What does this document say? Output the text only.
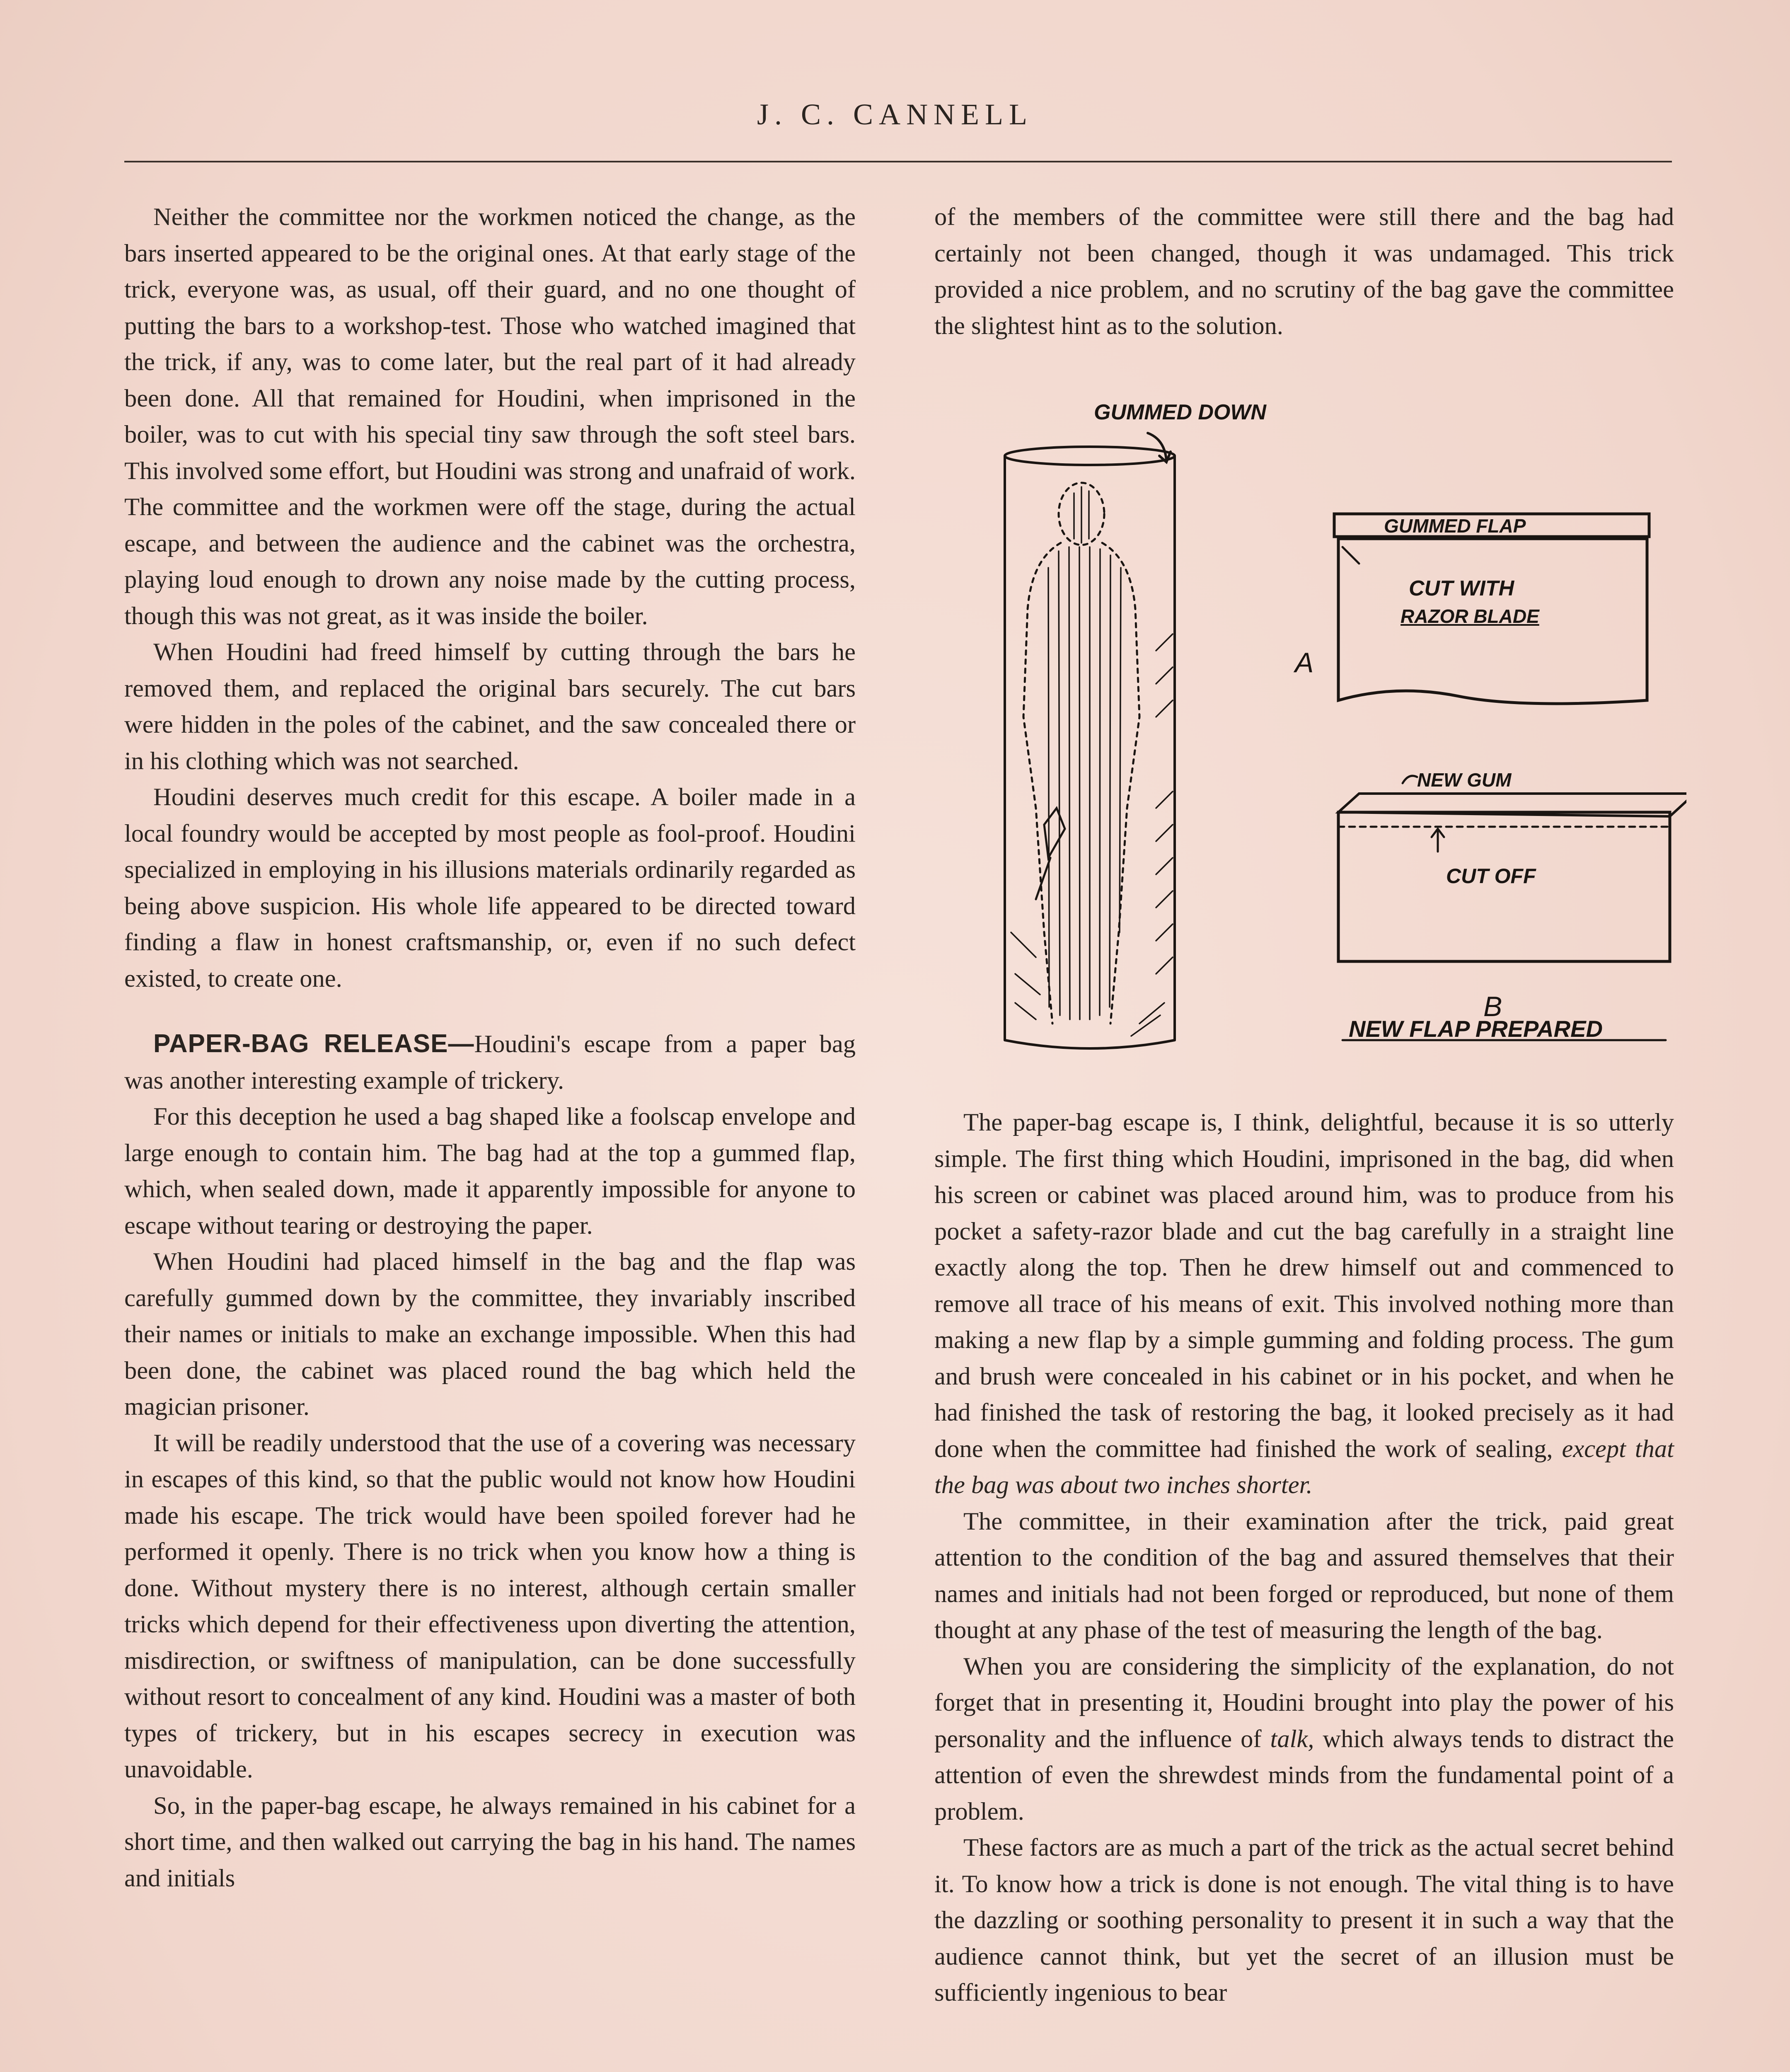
J. C. CANNELL

Neither the committee nor the workmen noticed the change, as the bars inserted appeared to be the original ones. At that early stage of the trick, everyone was, as usual, off their guard, and no one thought of putting the bars to a workshop-test. Those who watched imagined that the trick, if any, was to come later, but the real part of it had already been done. All that remained for Houdini, when imprisoned in the boiler, was to cut with his special tiny saw through the soft steel bars. This involved some effort, but Houdini was strong and unafraid of work. The committee and the workmen were off the stage, during the actual escape, and between the audience and the cabinet was the orchestra, playing loud enough to drown any noise made by the cutting process, though this was not great, as it was inside the boiler.

When Houdini had freed himself by cutting through the bars he removed them, and replaced the original bars securely. The cut bars were hidden in the poles of the cabinet, and the saw concealed there or in his clothing which was not searched.

Houdini deserves much credit for this escape. A boiler made in a local foundry would be accepted by most people as fool-proof. Houdini specialized in employing in his illusions materials ordinarily regarded as being above suspicion. His whole life appeared to be directed toward finding a flaw in honest craftsmanship, or, even if no such defect existed, to create one.

PAPER-BAG RELEASE—Houdini's escape from a paper bag was another interesting example of trickery.

For this deception he used a bag shaped like a foolscap envelope and large enough to contain him. The bag had at the top a gummed flap, which, when sealed down, made it apparently impossible for anyone to escape without tearing or destroying the paper.

When Houdini had placed himself in the bag and the flap was carefully gummed down by the committee, they invariably inscribed their names or initials to make an exchange impossible. When this had been done, the cabinet was placed round the bag which held the magician prisoner.

It will be readily understood that the use of a covering was necessary in escapes of this kind, so that the public would not know how Houdini made his escape. The trick would have been spoiled forever had he performed it openly. There is no trick when you know how a thing is done. Without mystery there is no interest, although certain smaller tricks which depend for their effectiveness upon diverting the attention, misdirection, or swiftness of manipulation, can be done successfully without resort to concealment of any kind. Houdini was a master of both types of trickery, but in his escapes secrecy in execution was unavoidable.

So, in the paper-bag escape, he always remained in his cabinet for a short time, and then walked out carrying the bag in his hand. The names and initials

of the members of the committee were still there and the bag had certainly not been changed, though it was undamaged. This trick provided a nice problem, and no scrutiny of the bag gave the committee the slightest hint as to the solution.

GUMMED DOWN
GUMMED FLAP
CUT WITH
RAZOR BLADE
A
NEW GUM
CUT OFF
B
NEW FLAP PREPARED

The paper-bag escape is, I think, delightful, because it is so utterly simple. The first thing which Houdini, imprisoned in the bag, did when his screen or cabinet was placed around him, was to produce from his pocket a safety-razor blade and cut the bag carefully in a straight line exactly along the top. Then he drew himself out and commenced to remove all trace of his means of exit. This involved nothing more than making a new flap by a simple gumming and folding process. The gum and brush were concealed in his cabinet or in his pocket, and when he had finished the task of restoring the bag, it looked precisely as it had done when the committee had finished the work of sealing, except that the bag was about two inches shorter.

The committee, in their examination after the trick, paid great attention to the condition of the bag and assured themselves that their names and initials had not been forged or reproduced, but none of them thought at any phase of the test of measuring the length of the bag.

When you are considering the simplicity of the explanation, do not forget that in presenting it, Houdini brought into play the power of his personality and the influence of talk, which always tends to distract the attention of even the shrewdest minds from the fundamental point of a problem.

These factors are as much a part of the trick as the actual secret behind it. To know how a trick is done is not enough. The vital thing is to have the dazzling or soothing personality to present it in such a way that the audience cannot think, but yet the secret of an illusion must be sufficiently ingenious to bear
